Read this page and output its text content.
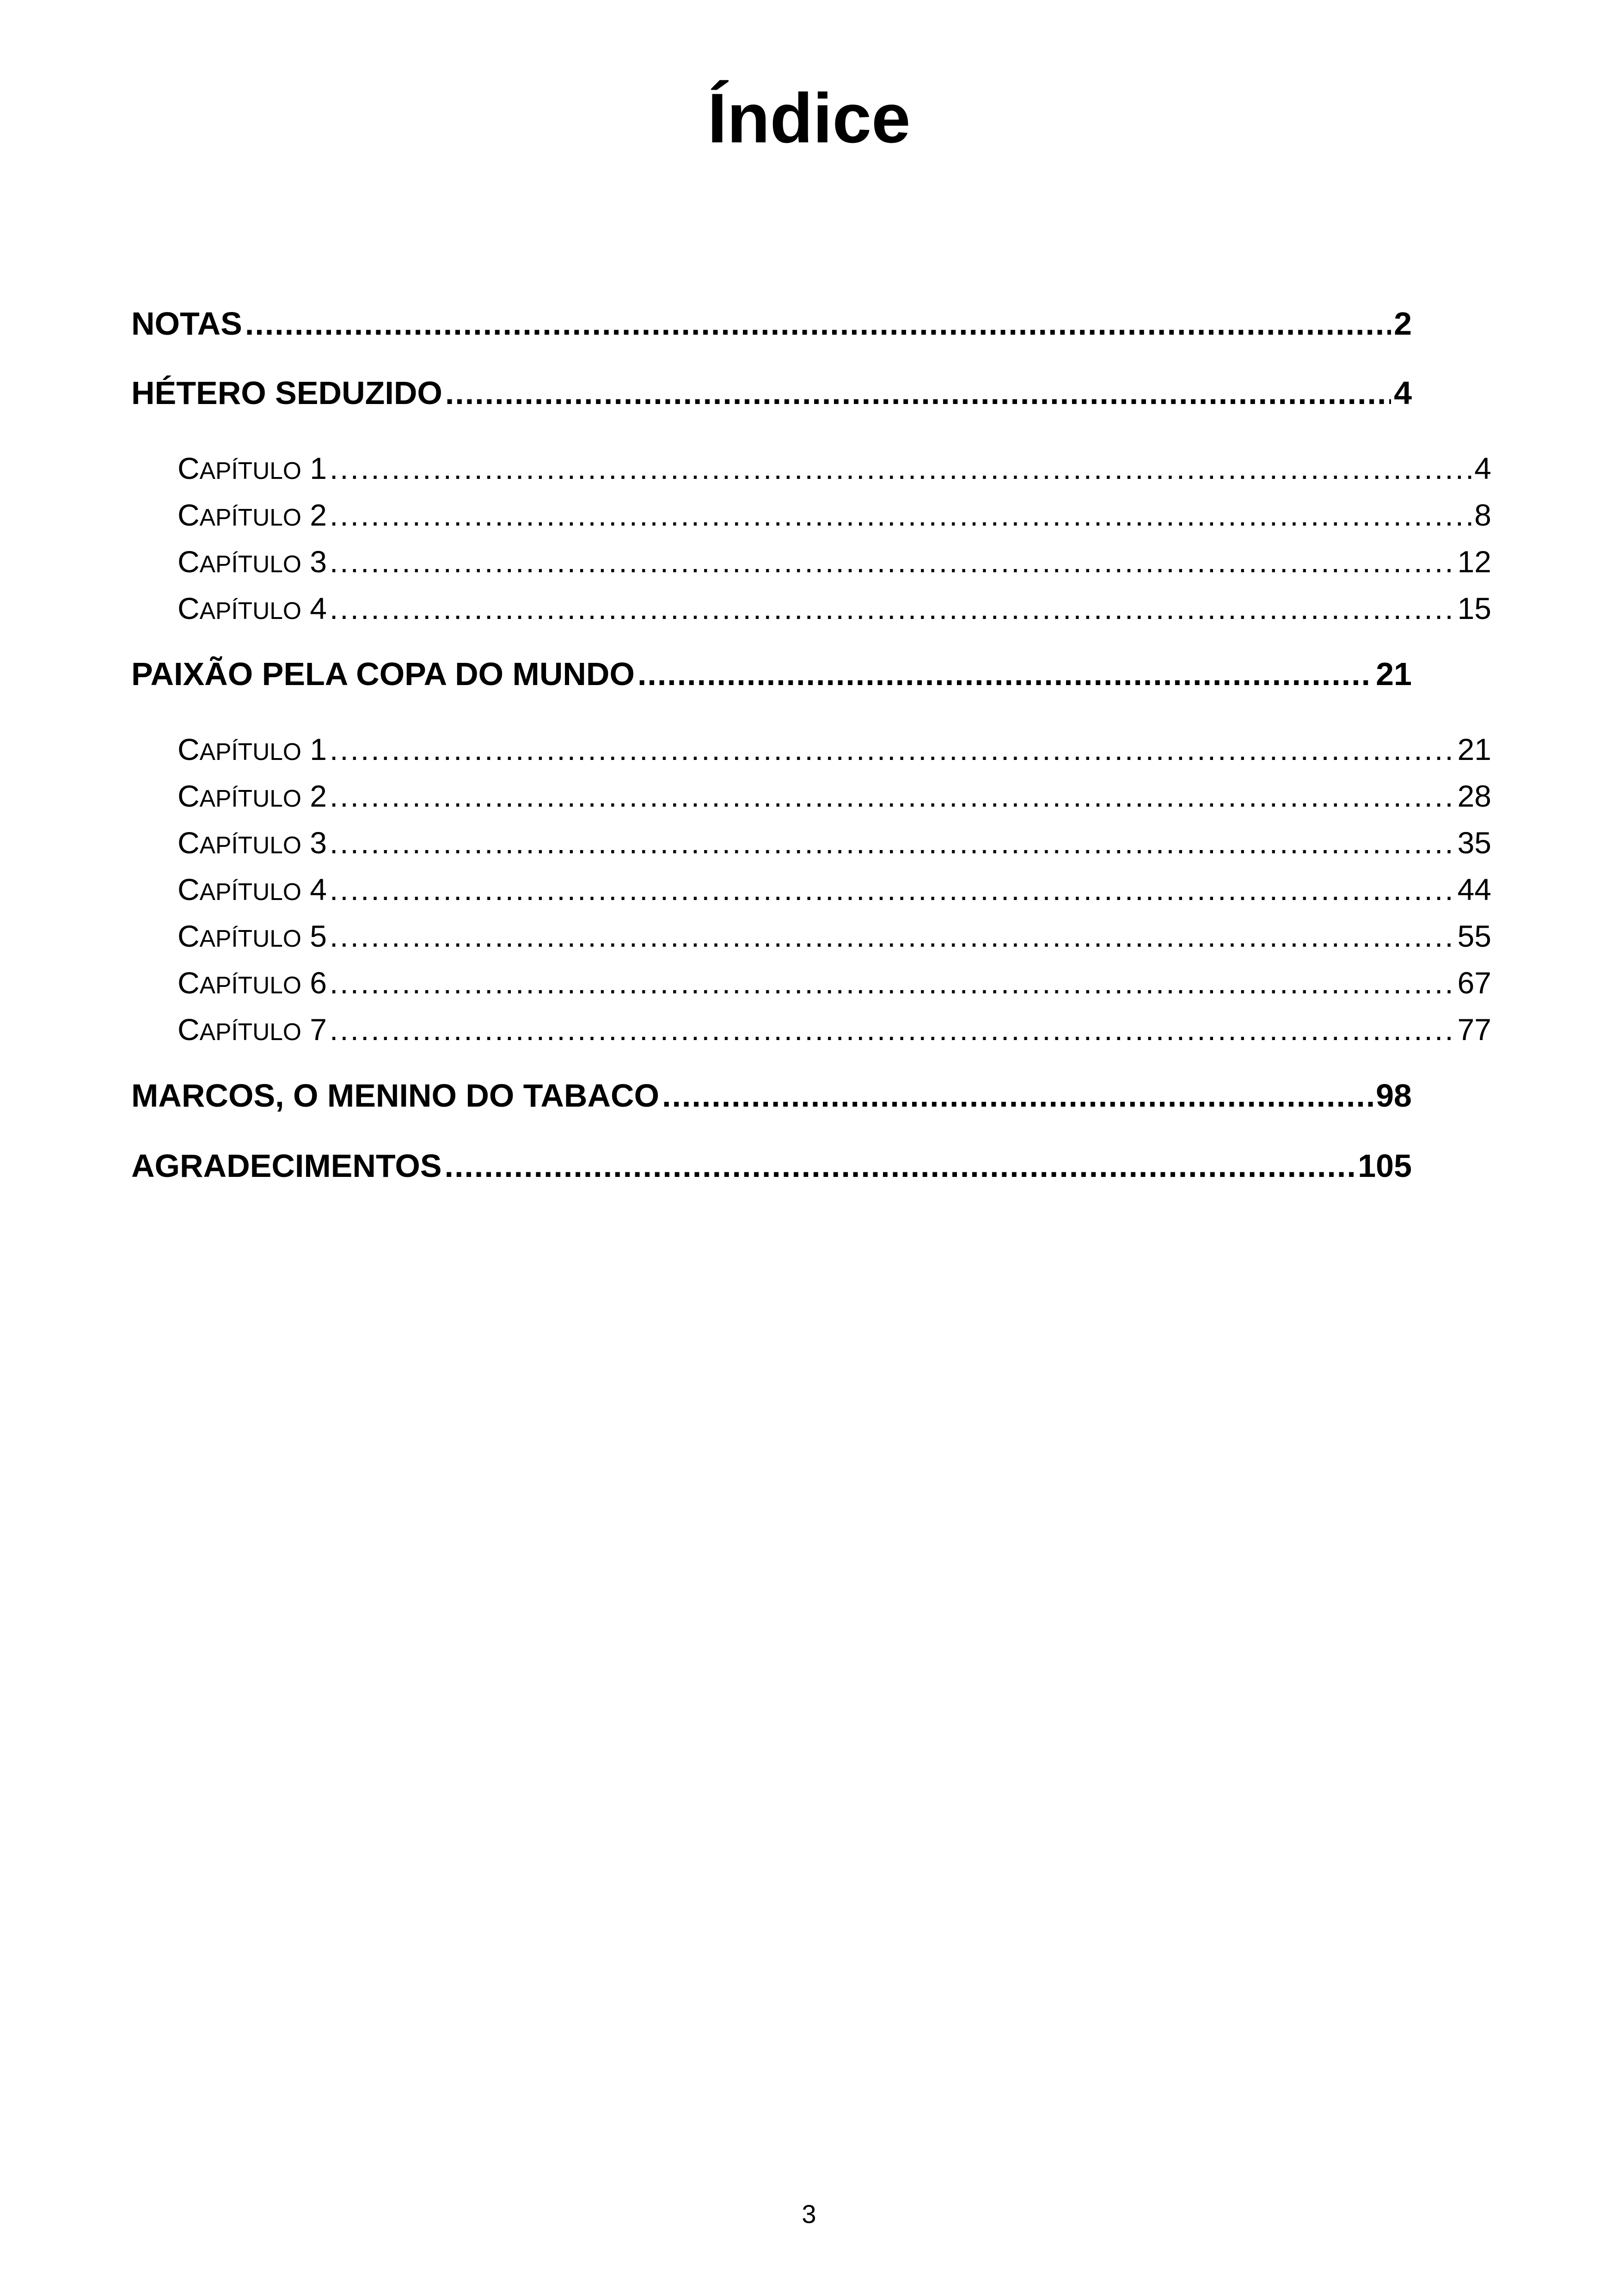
Índice
NOTAS .....	2
HÉTERO SEDUZIDO .....	4
CAPÍTULO 1 .....	4
CAPÍTULO 2 .....	8
CAPÍTULO 3 .....	12
CAPÍTULO 4 .....	15
PAIXÃO PELA COPA DO MUNDO .....	21
CAPÍTULO 1 .....	21
CAPÍTULO 2 .....	28
CAPÍTULO 3 .....	35
CAPÍTULO 4 .....	44
CAPÍTULO 5 .....	55
CAPÍTULO 6 .....	67
CAPÍTULO 7 .....	77
MARCOS, O MENINO DO TABACO .....	98
AGRADECIMENTOS .....	105
3
